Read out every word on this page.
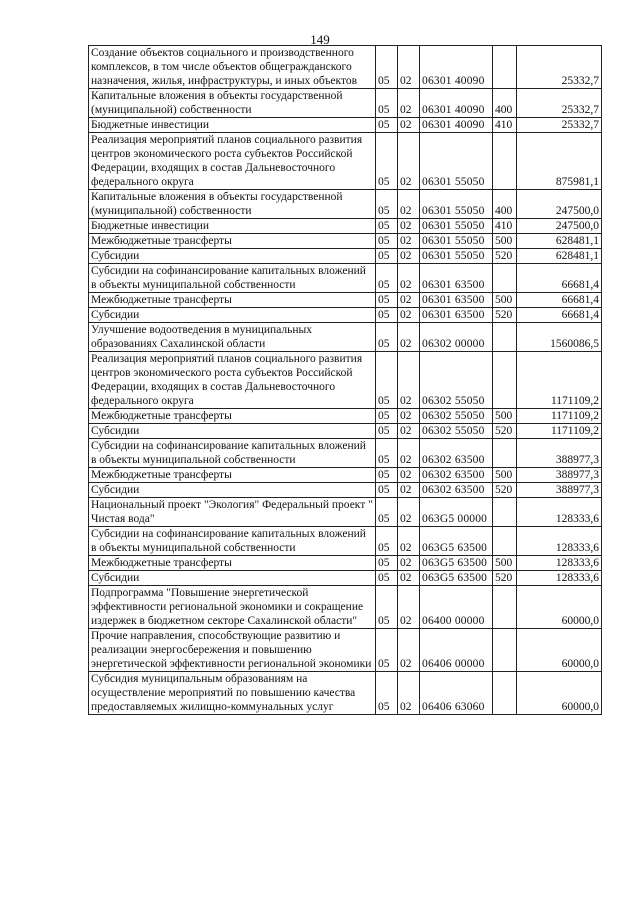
149
Создание объектов социального и производственного комплексов, в том числе объектов общегражданского назначения, жилья, инфраструктуры, и иных объектов	05	02	06301 40090		25332,7
Капитальные вложения в объекты государственной (муниципальной) собственности	05	02	06301 40090	400	25332,7
Бюджетные инвестиции	05	02	06301 40090	410	25332,7
Реализация мероприятий планов социального развития центров экономического роста субъектов Российской Федерации, входящих в состав Дальневосточного федерального округа	05	02	06301 55050		875981,1
Капитальные вложения в объекты государственной (муниципальной) собственности	05	02	06301 55050	400	247500,0
Бюджетные инвестиции	05	02	06301 55050	410	247500,0
Межбюджетные трансферты	05	02	06301 55050	500	628481,1
Субсидии	05	02	06301 55050	520	628481,1
Субсидии на софинансирование капитальных вложений в объекты муниципальной собственности	05	02	06301 63500		66681,4
Межбюджетные трансферты	05	02	06301 63500	500	66681,4
Субсидии	05	02	06301 63500	520	66681,4
Улучшение водоотведения в муниципальных образованиях Сахалинской области	05	02	06302 00000		1560086,5
Реализация мероприятий планов социального развития центров экономического роста субъектов Российской Федерации, входящих в состав Дальневосточного федерального округа	05	02	06302 55050		1171109,2
Межбюджетные трансферты	05	02	06302 55050	500	1171109,2
Субсидии	05	02	06302 55050	520	1171109,2
Субсидии на софинансирование капитальных вложений в объекты муниципальной собственности	05	02	06302 63500		388977,3
Межбюджетные трансферты	05	02	06302 63500	500	388977,3
Субсидии	05	02	06302 63500	520	388977,3
Национальный проект "Экология" Федеральный проект " Чистая вода"	05	02	063G5 00000		128333,6
Субсидии на софинансирование капитальных вложений в объекты муниципальной собственности	05	02	063G5 63500		128333,6
Межбюджетные трансферты	05	02	063G5 63500	500	128333,6
Субсидии	05	02	063G5 63500	520	128333,6
Подпрограмма "Повышение энергетической эффективности региональной экономики и сокращение издержек в бюджетном секторе Сахалинской области"	05	02	06400 00000		60000,0
Прочие направления, способствующие развитию и реализации энергосбережения и повышению энергетической эффективности региональной экономики	05	02	06406 00000		60000,0
Субсидия муниципальным образованиям на осуществление мероприятий по повышению качества предоставляемых жилищно-коммунальных услуг	05	02	06406 63060		60000,0
